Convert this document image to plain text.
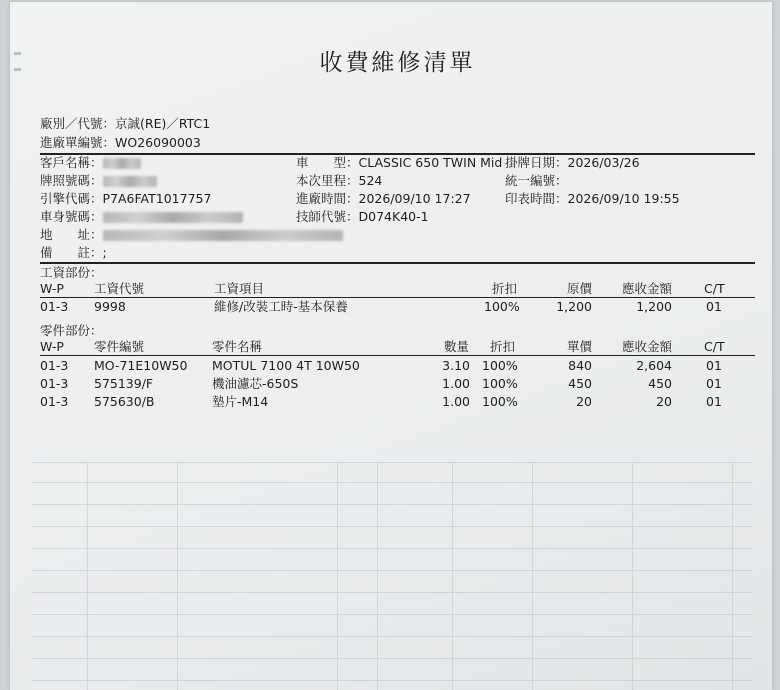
收費維修清單
廠別／代號：京誠(RE)／RTC1
進廠單編號：WO26090003
客戶名稱：	車　　型：CLASSIC 650 TWIN Mid 掛牌日期：2026/03/26
牌照號碼：	本次里程：524	統一編號：
引擎代碼：P7A6FAT1017757	進廠時間：2026/09/10 17:27	印表時間：2026/09/10 19:55
車身號碼：	技師代號：D074K40-1
地　　址：
備　　註：;
工資部份：
W-P 工資代號	工資項目	折扣	原價	應收金額	C/T
01-3 9998	維修/改裝工時-基本保養	100%	1,200	1,200	01
零件部份：
W-P 零件編號	零件名稱	數量 折扣	單價	應收金額	C/T
01-3 MO-71E10W50 MOTUL 7100 4T 10W50	3.10 100%	840	2,604	01
01-3 575139/F	機油濾芯-650S	1.00 100%	450	450	01
01-3 575630/B	墊片-M14	1.00 100%	20	20	01
